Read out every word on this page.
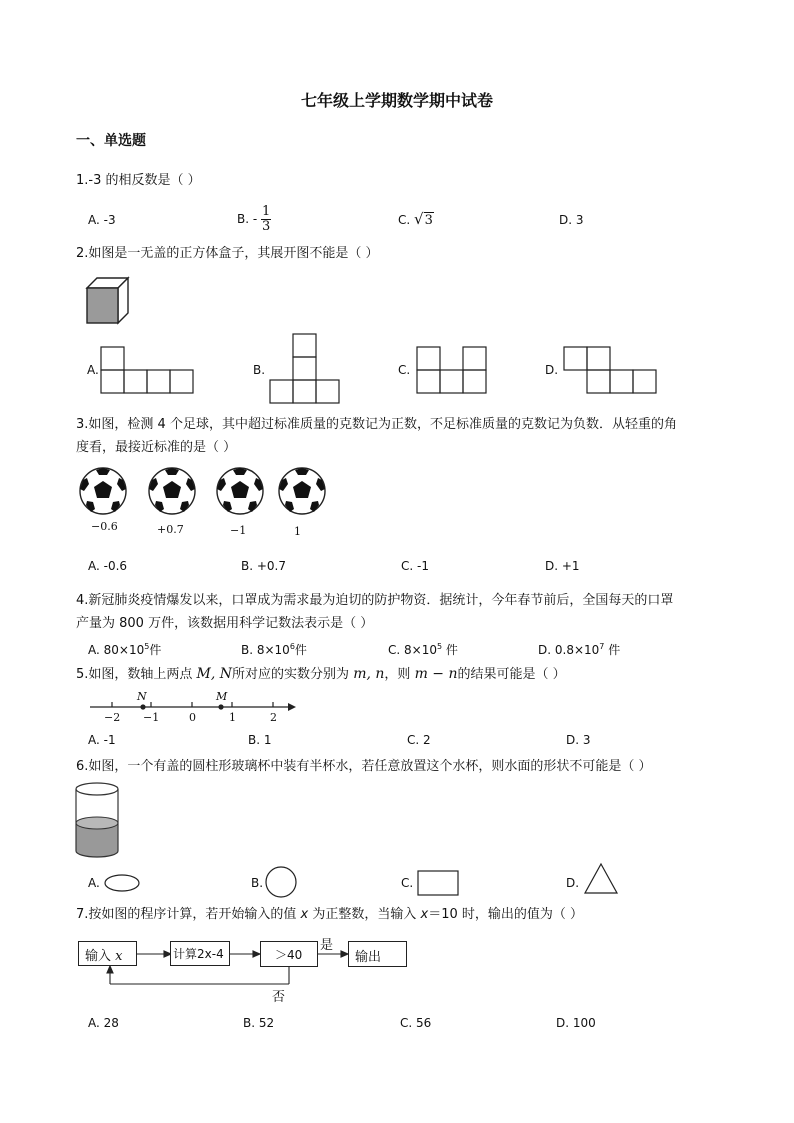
七年级上学期数学期中试卷
一、单选题
1.-3 的相反数是（ ）
A. -3	B. - $\frac{1}{3}$	C. √3	D. 3
2.如图是一无盖的正方体盒子，其展开图不能是（ ）
A.	B.	C.	D.
3.如图，检测 4 个足球，其中超过标准质量的克数记为正数，不足标准质量的克数记为负数．从轻重的角
度看，最接近标准的是（ ）
−0.6	+0.7	−1	1
A. -0.6	B. +0.7	C. -1	D. +1
4.新冠肺炎疫情爆发以来，口罩成为需求最为迫切的防护物资．据统计，今年春节前后，全国每天的口罩
产量为 800 万件，该数据用科学记数法表示是（ ）
A. $80\times 10^5$件	B. $8\times 10^6$件	C. $8\times 10^5$ 件	D. $0.8\times 10^7$ 件
5.如图，数轴上两点 M, N所对应的实数分别为 m, n，则 m − n的结果可能是（ ）
N	M
−2 −1	0	1	2
A. -1	B. 1	C. 2	D. 3
6.如图，一个有盖的圆柱形玻璃杯中装有半杯水，若任意放置这个水杯，则水面的形状不可能是（ ）
A.	B.	C.	D.
7.按如图的程序计算，若开始输入的值 x 为正整数，当输入 x＝10 时，输出的值为（ ）
输入 x	计算2x-4	＞40	输出
是
否
A. 28	B. 52	C. 56	D. 100
